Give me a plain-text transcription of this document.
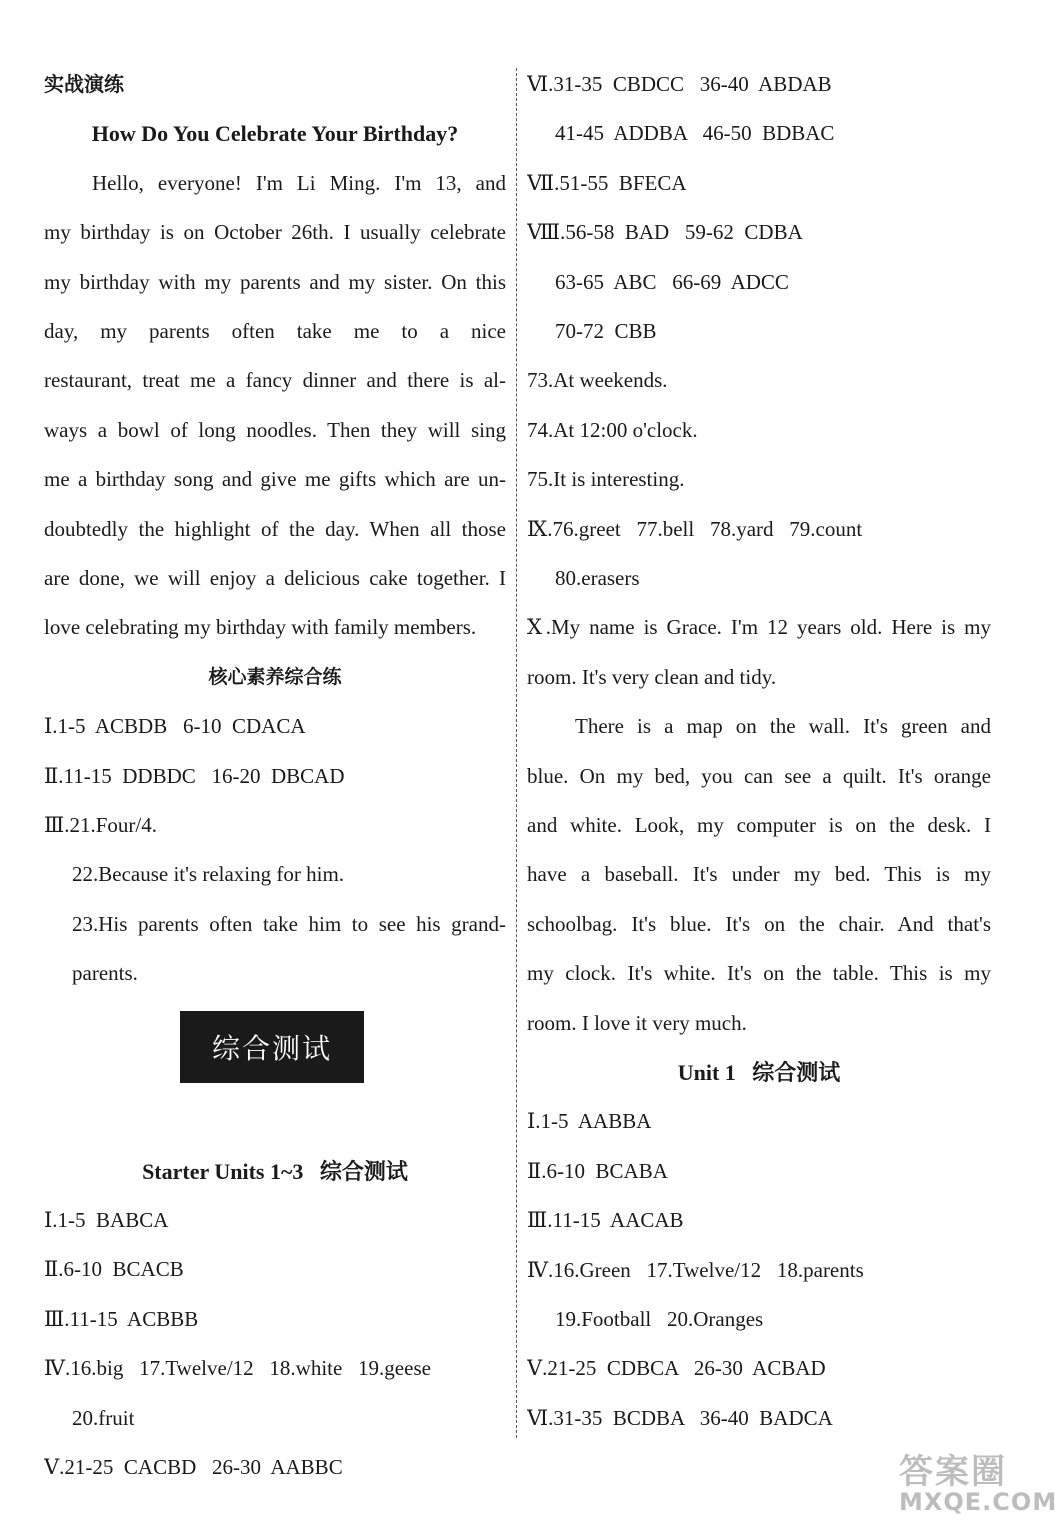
实战演练
How Do You Celebrate Your Birthday?
Hello, everyone! I'm Li Ming. I'm 13, and
my birthday is on October 26th. I usually celebrate
my birthday with my parents and my sister. On this
day, my parents often take me to a nice
restaurant, treat me a fancy dinner and there is al-
ways a bowl of long noodles. Then they will sing
me a birthday song and give me gifts which are un-
doubtedly the highlight of the day. When all those
are done, we will enjoy a delicious cake together. I
love celebrating my birthday with family members.
核心素养综合练
Ⅰ.1-5  ACBDB   6-10  CDACA
Ⅱ.11-15  DDBDC   16-20  DBCAD
Ⅲ.21.Four/4.
22.Because it's relaxing for him.
23.His parents often take him to see his grand-
parents.
综合测试
Starter Units 1~3   综合测试
Ⅰ.1-5  BABCA
Ⅱ.6-10  BCACB
Ⅲ.11-15  ACBBB
Ⅳ.16.big   17.Twelve/12   18.white   19.geese
20.fruit
Ⅴ.21-25  CACBD   26-30  AABBC
Ⅵ.31-35  CBDCC   36-40  ABDAB
41-45  ADDBA   46-50  BDBAC
Ⅶ.51-55  BFECA
Ⅷ.56-58  BAD   59-62  CDBA
63-65  ABC   66-69  ADCC
70-72  CBB
73.At weekends.
74.At 12:00 o'clock.
75.It is interesting.
Ⅸ.76.greet   77.bell   78.yard   79.count
80.erasers
Ⅹ.My name is Grace. I'm 12 years old. Here is my
room. It's very clean and tidy.
There is a map on the wall. It's green and
blue. On my bed, you can see a quilt. It's orange
and white. Look, my computer is on the desk. I
have a baseball. It's under my bed. This is my
schoolbag. It's blue. It's on the chair. And that's
my clock. It's white. It's on the table. This is my
room. I love it very much.
Unit 1   综合测试
Ⅰ.1-5  AABBA
Ⅱ.6-10  BCABA
Ⅲ.11-15  AACAB
Ⅳ.16.Green   17.Twelve/12   18.parents
19.Football   20.Oranges
Ⅴ.21-25  CDBCA   26-30  ACBAD
Ⅵ.31-35  BCDBA   36-40  BADCA
答案圈
MXQE.COM
